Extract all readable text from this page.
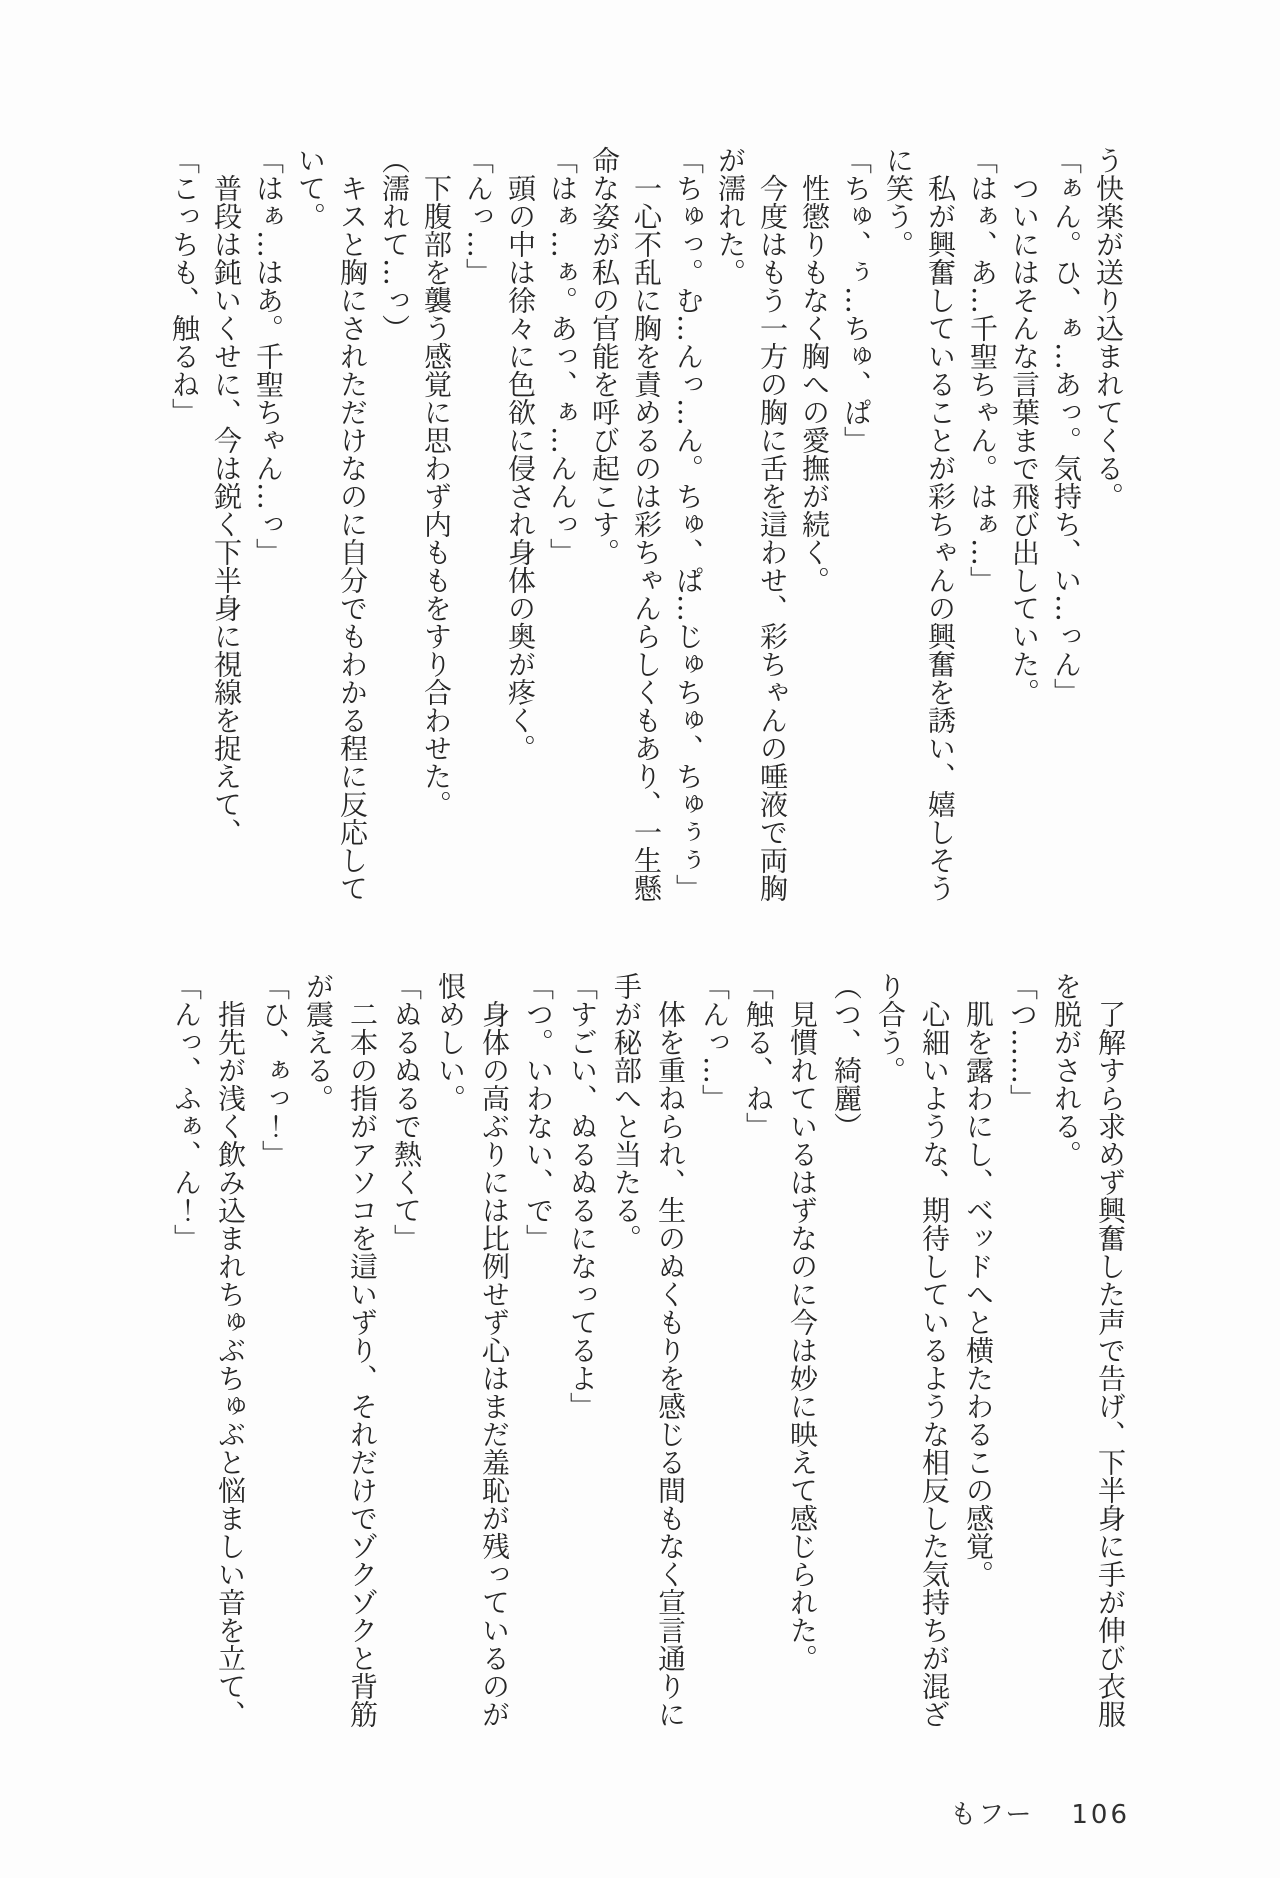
う快楽が送り込まれてくる。

「ぁん。ひ、ぁ…あっ。気持ち、い…っん」

ついにはそんな言葉まで飛び出していた。

「はぁ、あ…千聖ちゃん。はぁ…」

私が興奮していることが彩ちゃんの興奮を誘い、嬉しそうに笑う。

「ちゅ、ぅ…ちゅ、ぱ」

性懲りもなく胸への愛撫が続く。

今度はもう一方の胸に舌を這わせ、彩ちゃんの唾液で両胸が濡れた。

「ちゅっ。む…んっ…ん。ちゅ、ぱ…じゅちゅ、ちゅぅぅ」

一心不乱に胸を責めるのは彩ちゃんらしくもあり、一生懸命な姿が私の官能を呼び起こす。

「はぁ…ぁ。あっ、ぁ…んんっ」

頭の中は徐々に色欲に侵され身体の奥が疼く。

「んっ…」

下腹部を襲う感覚に思わず内ももをすり合わせた。

（濡れて…っ）

キスと胸にされただけなのに自分でもわかる程に反応していて。

「はぁ…はあ。千聖ちゃん…っ」

普段は鈍いくせに、今は鋭く下半身に視線を捉えて、

「こっちも、触るね」

了解すら求めず興奮した声で告げ、下半身に手が伸び衣服を脱がされる。

「つ……」

肌を露わにし、ベッドへと横たわるこの感覚。

心細いような、期待しているような相反した気持ちが混ざり合う。

（つ、綺麗）

見慣れているはずなのに今は妙に映えて感じられた。

「触る、ね」

「んっ…」

体を重ねられ、生のぬくもりを感じる間もなく宣言通りに手が秘部へと当たる。

「すごい、ぬるぬるになってるよ」

「つ。いわない、で」

身体の高ぶりには比例せず心はまだ羞恥が残っているのが恨めしい。

「ぬるぬるで熱くて」

二本の指がアソコを這いずり、それだけでゾクゾクと背筋が震える。

「ひ、ぁっ！」

指先が浅く飲み込まれちゅぶちゅぶと悩ましい音を立て、

「んっ、ふぁ、ん！」

もフー 106
